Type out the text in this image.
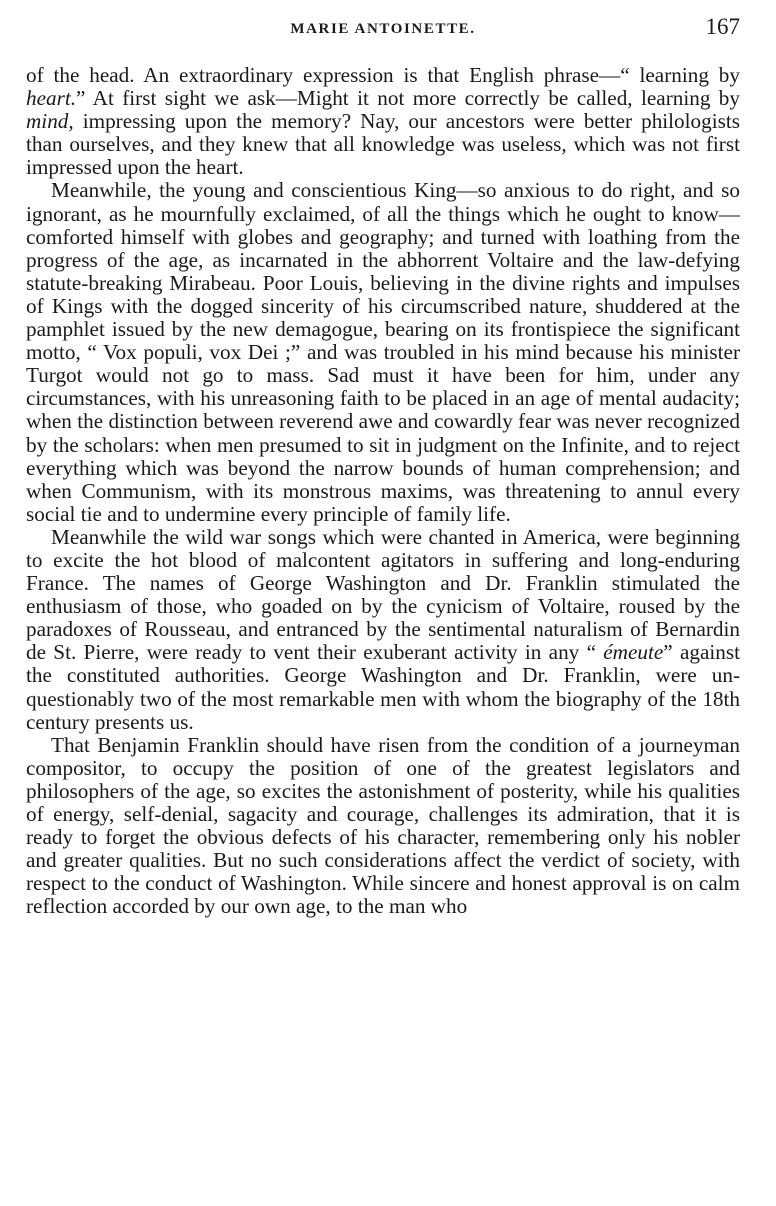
MARIE ANTOINETTE.	167

of the head. An extraordinary expression is that English phrase—“ learning by heart.” At first sight we ask—Might it not more correctly be called, learning by mind, impressing upon the memory? Nay, our ancestors were better philologists than ourselves, and they knew that all knowledge was useless, which was not first impressed upon the heart.

Meanwhile, the young and conscientious King—so anxious to do right, and so ignorant, as he mournfully exclaimed, of all the things which he ought to know—comforted himself with globes and geography; and turned with loathing from the progress of the age, as incarnated in the abhorrent Voltaire and the law-defying statute-breaking Mirabeau. Poor Louis, believing in the divine rights and impulses of Kings with the dogged sincerity of his circumscribed nature, shuddered at the pamphlet issued by the new demagogue, bearing on its frontispiece the significant motto, “ Vox populi, vox Dei ;” and was troubled in his mind because his minister Turgot would not go to mass. Sad must it have been for him, under any circumstances, with his unreasoning faith to be placed in an age of mental audacity; when the distinction between reverend awe and cowardly fear was never recognized by the scholars: when men presumed to sit in judgment on the Infinite, and to reject everything which was beyond the narrow bounds of human comprehension; and when Communism, with its monstrous maxims, was threatening to annul every social tie and to undermine every principle of family life.

Meanwhile the wild war songs which were chanted in America, were beginning to excite the hot blood of malcontent agitators in suffering and long-enduring France. The names of George Washington and Dr. Franklin stimulated the enthusiasm of those, who goaded on by the cynicism of Voltaire, roused by the paradoxes of Rousseau, and entranced by the sentimental naturalism of Bernardin de St. Pierre, were ready to vent their exuberant activity in any “ émeute” against the constituted authorities. George Washington and Dr. Franklin, were unquestionably two of the most remarkable men with whom the biography of the 18th century presents us.

That Benjamin Franklin should have risen from the condition of a journeyman compositor, to occupy the position of one of the greatest legislators and philosophers of the age, so excites the astonishment of posterity, while his qualities of energy, self-denial, sagacity and courage, challenges its admiration, that it is ready to forget the obvious defects of his character, remembering only his nobler and greater qualities. But no such considerations affect the verdict of society, with respect to the conduct of Washington. While sincere and honest approval is on calm reflection accorded by our own age, to the man who
